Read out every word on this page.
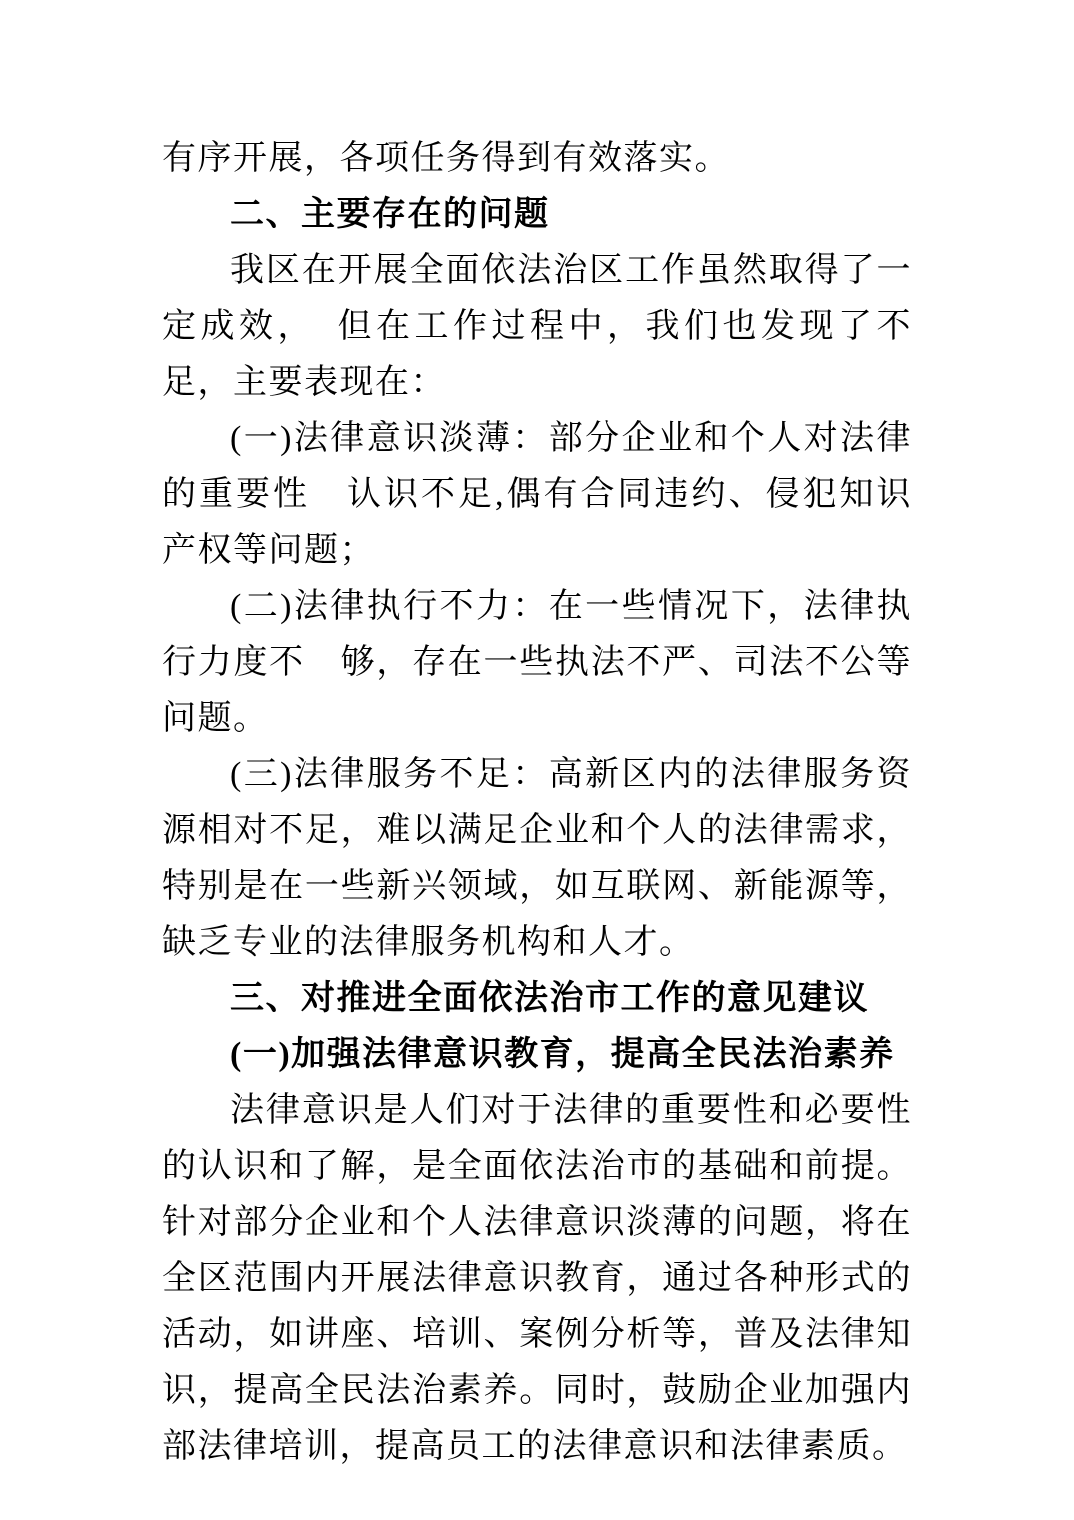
有序开展，各项任务得到有效落实。

二、主要存在的问题

我区在开展全面依法治区工作虽然取得了一定成效，　但在工作过程中，我们也发现了不足，主要表现在：

(一)法律意识淡薄：部分企业和个人对法律的重要性　认识不足,偶有合同违约、侵犯知识产权等问题；

(二)法律执行不力：在一些情况下，法律执行力度不　够，存在一些执法不严、司法不公等问题。

(三)法律服务不足：高新区内的法律服务资源相对不足，难以满足企业和个人的法律需求，特别是在一些新兴领域，如互联网、新能源等，缺乏专业的法律服务机构和人才。

三、对推进全面依法治市工作的意见建议

(一)加强法律意识教育，提高全民法治素养

法律意识是人们对于法律的重要性和必要性的认识和了解，是全面依法治市的基础和前提。针对部分企业和个人法律意识淡薄的问题，将在全区范围内开展法律意识教育，通过各种形式的活动，如讲座、培训、案例分析等，普及法律知识，提高全民法治素养。同时，鼓励企业加强内部法律培训，提高员工的法律意识和法律素质。
